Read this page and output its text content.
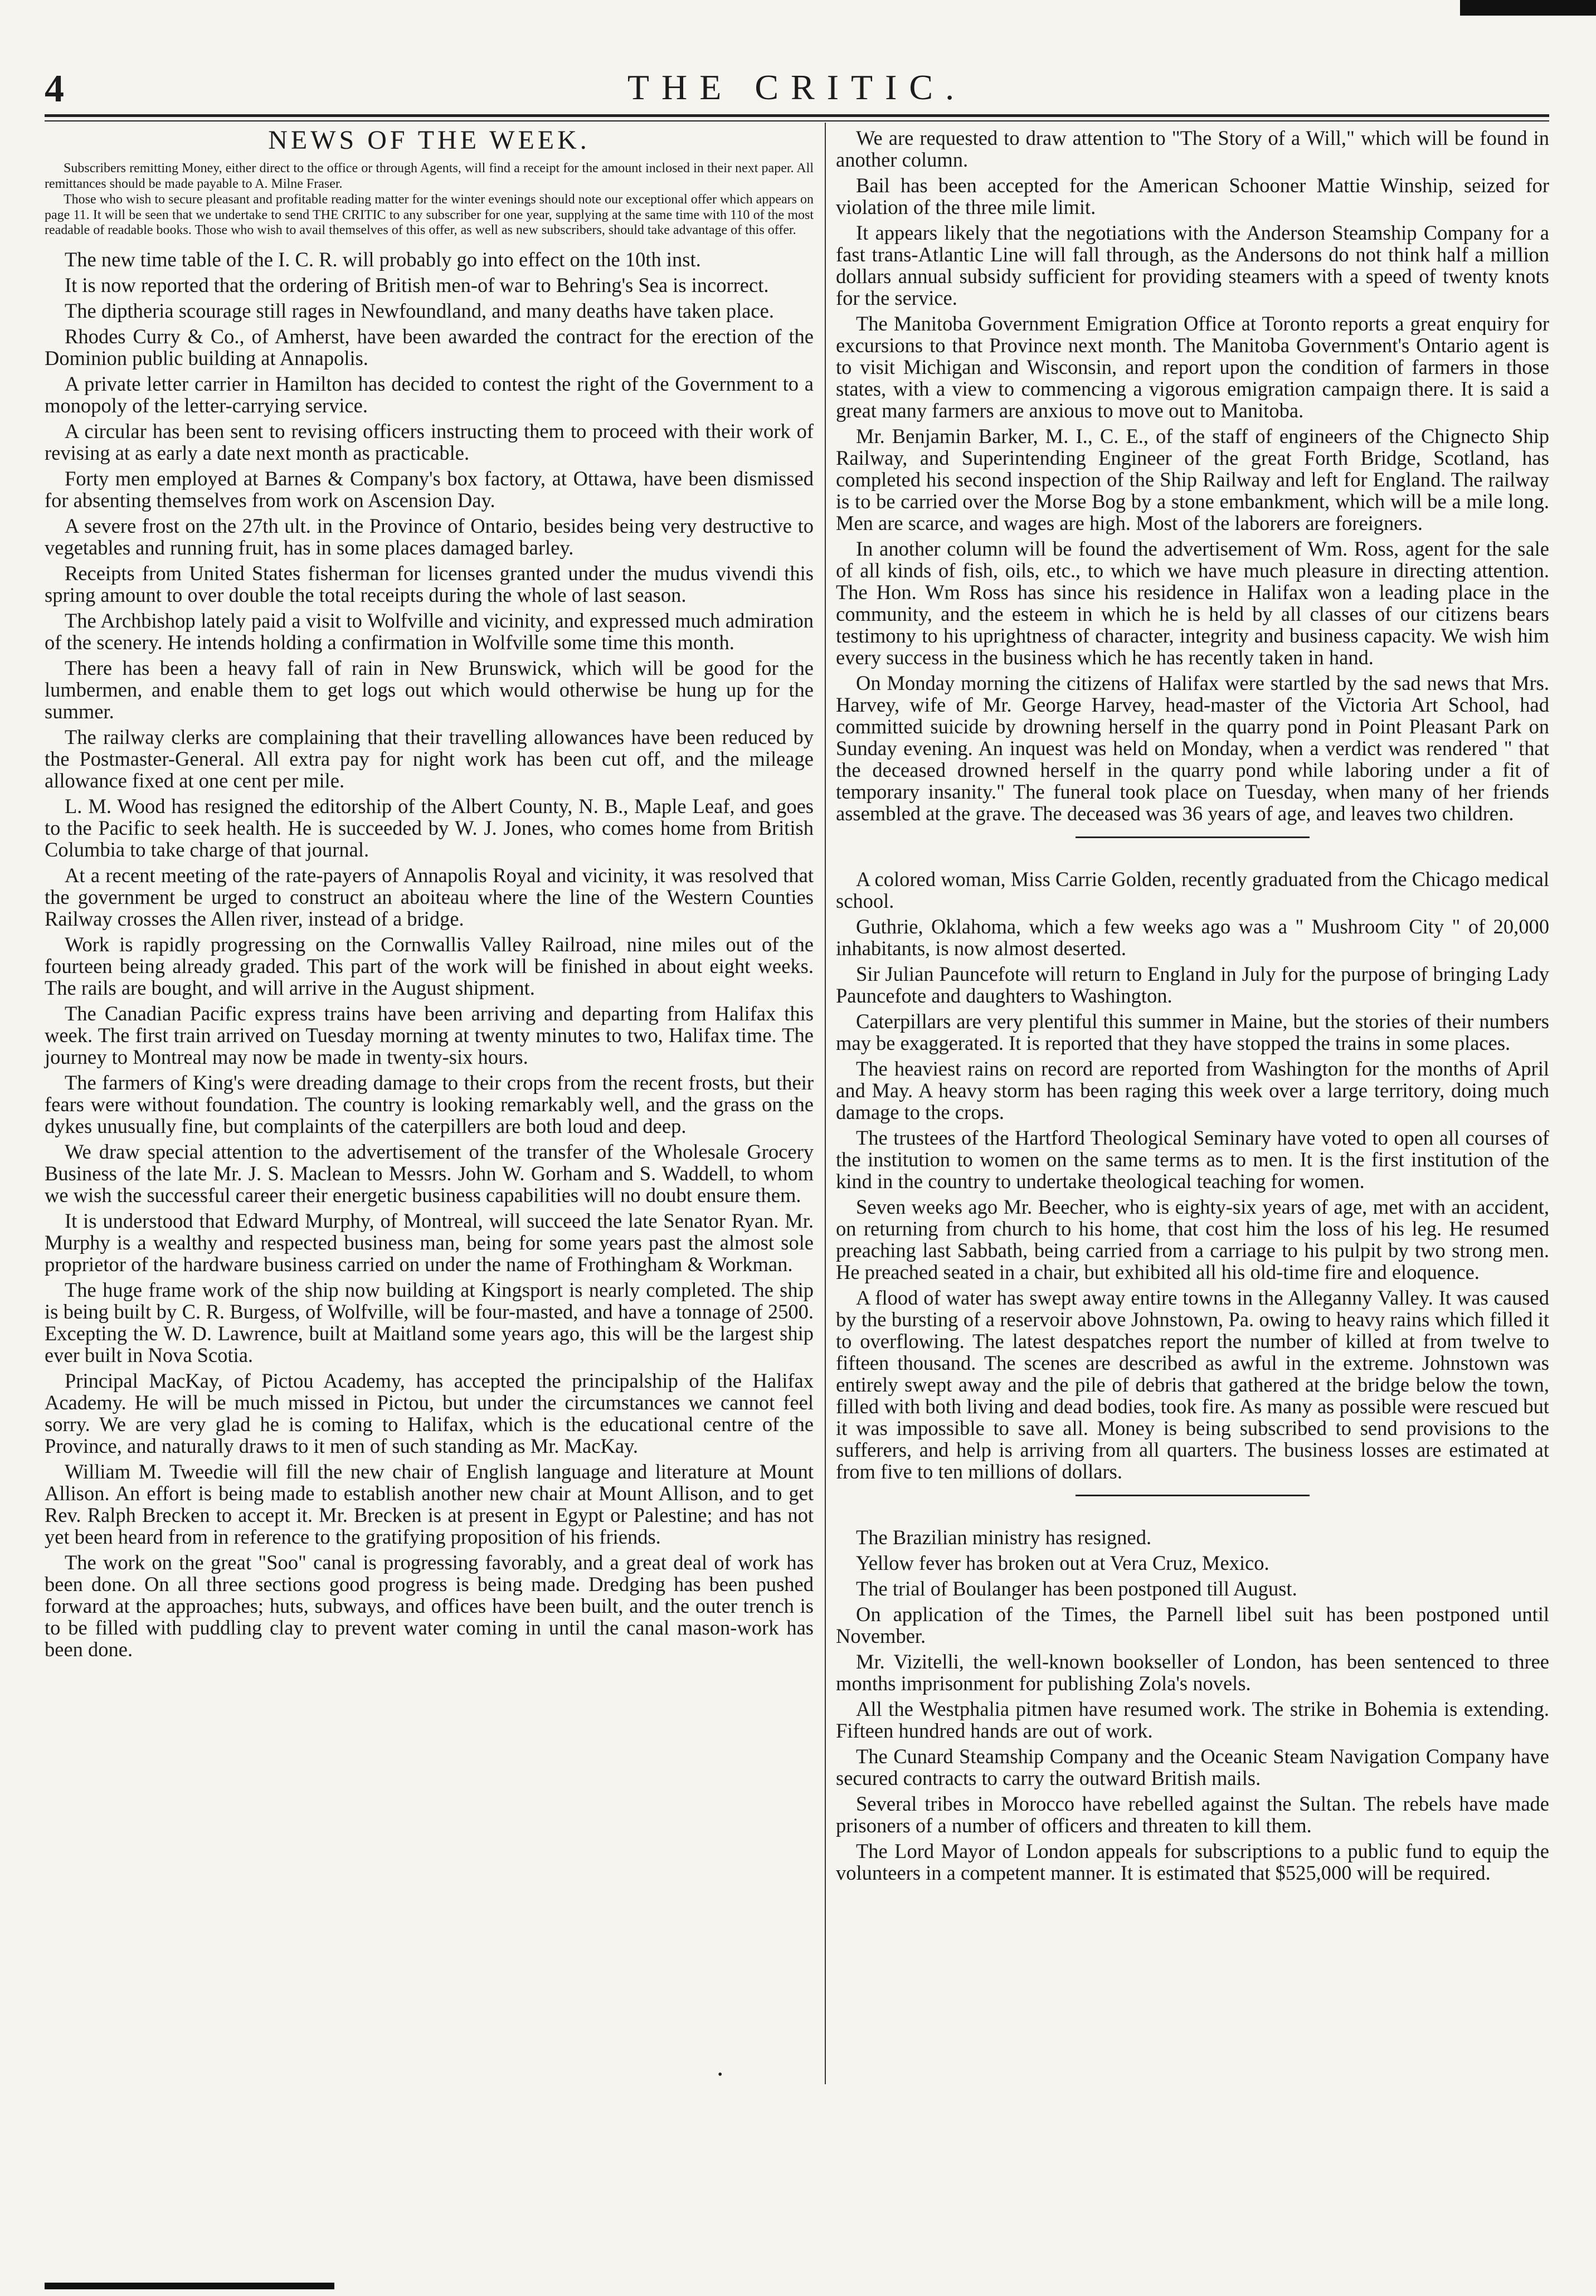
4	THE CRITIC.
NEWS OF THE WEEK.

Subscribers remitting Money, either direct to the office or through Agents, will find a receipt for the amount inclosed in their next paper. All remittances should be made payable to A. Milne Fraser.

Those who wish to secure pleasant and profitable reading matter for the winter evenings should note our exceptional offer which appears on page 11. It will be seen that we undertake to send THE CRITIC to any subscriber for one year, supplying at the same time with 110 of the most readable of readable books. Those who wish to avail themselves of this offer, as well as new subscribers, should take advantage of this offer.

The new time table of the I. C. R. will probably go into effect on the 10th inst.

It is now reported that the ordering of British men-of war to Behring's Sea is incorrect.

The diptheria scourage still rages in Newfoundland, and many deaths have taken place.

Rhodes Curry & Co., of Amherst, have been awarded the contract for the erection of the Dominion public building at Annapolis.

A private letter carrier in Hamilton has decided to contest the right of the Government to a monopoly of the letter-carrying service.

A circular has been sent to revising officers instructing them to proceed with their work of revising at as early a date next month as practicable.

Forty men employed at Barnes & Company's box factory, at Ottawa, have been dismissed for absenting themselves from work on Ascension Day.

A severe frost on the 27th ult. in the Province of Ontario, besides being very destructive to vegetables and running fruit, has in some places damaged barley.

Receipts from United States fisherman for licenses granted under the mudus vivendi this spring amount to over double the total receipts during the whole of last season.

The Archbishop lately paid a visit to Wolfville and vicinity, and expressed much admiration of the scenery. He intends holding a confirmation in Wolfville some time this month.

There has been a heavy fall of rain in New Brunswick, which will be good for the lumbermen, and enable them to get logs out which would otherwise be hung up for the summer.

The railway clerks are complaining that their travelling allowances have been reduced by the Postmaster-General. All extra pay for night work has been cut off, and the mileage allowance fixed at one cent per mile.

L. M. Wood has resigned the editorship of the Albert County, N. B., Maple Leaf, and goes to the Pacific to seek health. He is succeeded by W. J. Jones, who comes home from British Columbia to take charge of that journal.

At a recent meeting of the rate-payers of Annapolis Royal and vicinity, it was resolved that the government be urged to construct an aboiteau where the line of the Western Counties Railway crosses the Allen river, instead of a bridge.

Work is rapidly progressing on the Cornwallis Valley Railroad, nine miles out of the fourteen being already graded. This part of the work will be finished in about eight weeks. The rails are bought, and will arrive in the August shipment.

The Canadian Pacific express trains have been arriving and departing from Halifax this week. The first train arrived on Tuesday morning at twenty minutes to two, Halifax time. The journey to Montreal may now be made in twenty-six hours.

The farmers of King's were dreading damage to their crops from the recent frosts, but their fears were without foundation. The country is looking remarkably well, and the grass on the dykes unusually fine, but complaints of the caterpillers are both loud and deep.

We draw special attention to the advertisement of the transfer of the Wholesale Grocery Business of the late Mr. J. S. Maclean to Messrs. John W. Gorham and S. Waddell, to whom we wish the successful career their energetic business capabilities will no doubt ensure them.

It is understood that Edward Murphy, of Montreal, will succeed the late Senator Ryan. Mr. Murphy is a wealthy and respected business man, being for some years past the almost sole proprietor of the hardware business carried on under the name of Frothingham & Workman.

The huge frame work of the ship now building at Kingsport is nearly completed. The ship is being built by C. R. Burgess, of Wolfville, will be four-masted, and have a tonnage of 2500. Excepting the W. D. Lawrence, built at Maitland some years ago, this will be the largest ship ever built in Nova Scotia.

Principal MacKay, of Pictou Academy, has accepted the principalship of the Halifax Academy. He will be much missed in Pictou, but under the circumstances we cannot feel sorry. We are very glad he is coming to Halifax, which is the educational centre of the Province, and naturally draws to it men of such standing as Mr. MacKay.

William M. Tweedie will fill the new chair of English language and literature at Mount Allison. An effort is being made to establish another new chair at Mount Allison, and to get Rev. Ralph Brecken to accept it. Mr. Brecken is at present in Egypt or Palestine; and has not yet been heard from in reference to the gratifying proposition of his friends.

The work on the great "Soo" canal is progressing favorably, and a great deal of work has been done. On all three sections good progress is being made. Dredging has been pushed forward at the approaches; huts, subways, and offices have been built, and the outer trench is to be filled with puddling clay to prevent water coming in until the canal mason-work has been done.

•

We are requested to draw attention to "The Story of a Will," which will be found in another column.

Bail has been accepted for the American Schooner Mattie Winship, seized for violation of the three mile limit.

It appears likely that the negotiations with the Anderson Steamship Company for a fast trans-Atlantic Line will fall through, as the Andersons do not think half a million dollars annual subsidy sufficient for providing steamers with a speed of twenty knots for the service.

The Manitoba Government Emigration Office at Toronto reports a great enquiry for excursions to that Province next month. The Manitoba Government's Ontario agent is to visit Michigan and Wisconsin, and report upon the condition of farmers in those states, with a view to commencing a vigorous emigration campaign there. It is said a great many farmers are anxious to move out to Manitoba.

Mr. Benjamin Barker, M. I., C. E., of the staff of engineers of the Chignecto Ship Railway, and Superintending Engineer of the great Forth Bridge, Scotland, has completed his second inspection of the Ship Railway and left for England. The railway is to be carried over the Morse Bog by a stone embankment, which will be a mile long. Men are scarce, and wages are high. Most of the laborers are foreigners.

In another column will be found the advertisement of Wm. Ross, agent for the sale of all kinds of fish, oils, etc., to which we have much pleasure in directing attention. The Hon. Wm Ross has since his residence in Halifax won a leading place in the community, and the esteem in which he is held by all classes of our citizens bears testimony to his uprightness of character, integrity and business capacity. We wish him every success in the business which he has recently taken in hand.

On Monday morning the citizens of Halifax were startled by the sad news that Mrs. Harvey, wife of Mr. George Harvey, head-master of the Victoria Art School, had committed suicide by drowning herself in the quarry pond in Point Pleasant Park on Sunday evening. An inquest was held on Monday, when a verdict was rendered " that the deceased drowned herself in the quarry pond while laboring under a fit of temporary insanity." The funeral took place on Tuesday, when many of her friends assembled at the grave. The deceased was 36 years of age, and leaves two children.

A colored woman, Miss Carrie Golden, recently graduated from the Chicago medical school.

Guthrie, Oklahoma, which a few weeks ago was a " Mushroom City " of 20,000 inhabitants, is now almost deserted.

Sir Julian Pauncefote will return to England in July for the purpose of bringing Lady Pauncefote and daughters to Washington.

Caterpillars are very plentiful this summer in Maine, but the stories of their numbers may be exaggerated. It is reported that they have stopped the trains in some places.

The heaviest rains on record are reported from Washington for the months of April and May. A heavy storm has been raging this week over a large territory, doing much damage to the crops.

The trustees of the Hartford Theological Seminary have voted to open all courses of the institution to women on the same terms as to men. It is the first institution of the kind in the country to undertake theological teaching for women.

Seven weeks ago Mr. Beecher, who is eighty-six years of age, met with an accident, on returning from church to his home, that cost him the loss of his leg. He resumed preaching last Sabbath, being carried from a carriage to his pulpit by two strong men. He preached seated in a chair, but exhibited all his old-time fire and eloquence.

A flood of water has swept away entire towns in the Alleganny Valley. It was caused by the bursting of a reservoir above Johnstown, Pa. owing to heavy rains which filled it to overflowing. The latest despatches report the number of killed at from twelve to fifteen thousand. The scenes are described as awful in the extreme. Johnstown was entirely swept away and the pile of debris that gathered at the bridge below the town, filled with both living and dead bodies, took fire. As many as possible were rescued but it was impossible to save all. Money is being subscribed to send provisions to the sufferers, and help is arriving from all quarters. The business losses are estimated at from five to ten millions of dollars.

The Brazilian ministry has resigned.

Yellow fever has broken out at Vera Cruz, Mexico.

The trial of Boulanger has been postponed till August.

On application of the Times, the Parnell libel suit has been postponed until November.

Mr. Vizitelli, the well-known bookseller of London, has been sentenced to three months imprisonment for publishing Zola's novels.

All the Westphalia pitmen have resumed work. The strike in Bohemia is extending. Fifteen hundred hands are out of work.

The Cunard Steamship Company and the Oceanic Steam Navigation Company have secured contracts to carry the outward British mails.

Several tribes in Morocco have rebelled against the Sultan. The rebels have made prisoners of a number of officers and threaten to kill them.

The Lord Mayor of London appeals for subscriptions to a public fund to equip the volunteers in a competent manner. It is estimated that $525,000 will be required.
